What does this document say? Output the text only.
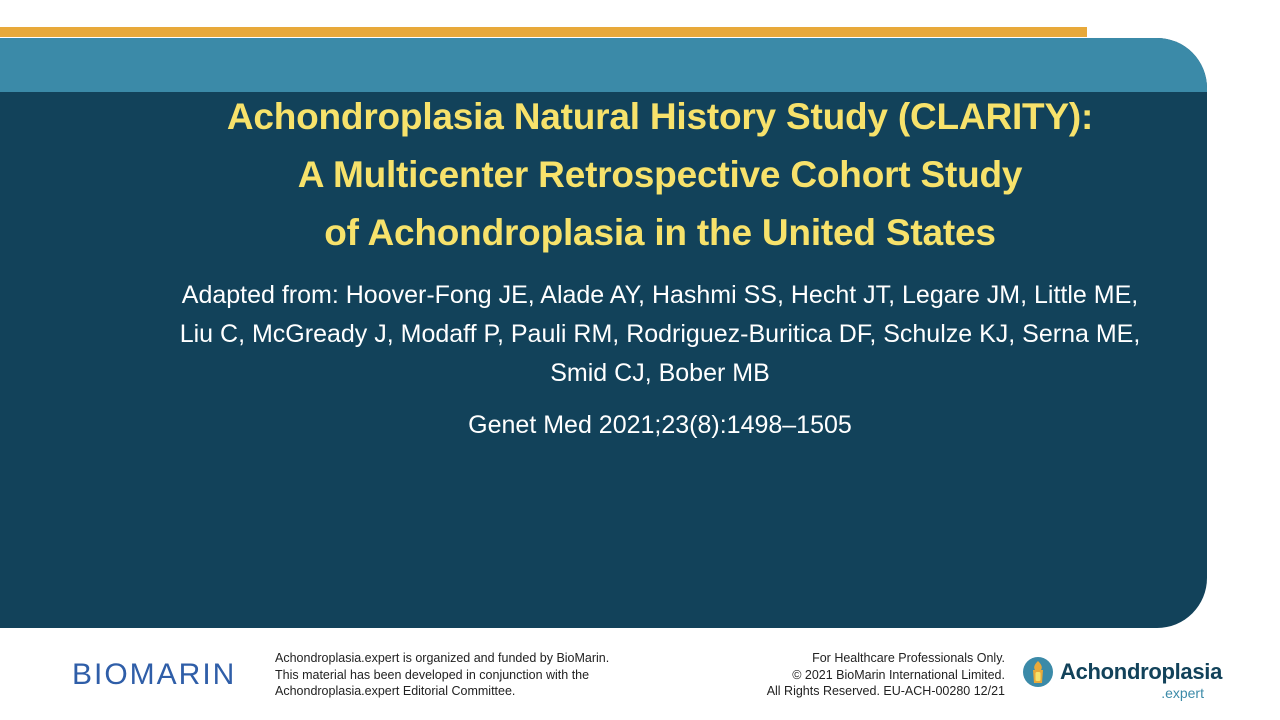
Achondroplasia Natural History Study (CLARITY):
A Multicenter Retrospective Cohort Study
of Achondroplasia in the United States
Adapted from: Hoover-Fong JE, Alade AY, Hashmi SS, Hecht JT, Legare JM, Little ME,
Liu C, McGready J, Modaff P, Pauli RM, Rodriguez-Buritica DF, Schulze KJ, Serna ME,
Smid CJ, Bober MB
Genet Med 2021;23(8):1498–1505
BIOMARIN	Achondroplasia.expert is organized and funded by BioMarin.
This material has been developed in conjunction with the
Achondroplasia.expert Editorial Committee.
For Healthcare Professionals Only.
© 2021 BioMarin International Limited.
All Rights Reserved. EU-ACH-00280 12/21
Achondroplasia
.expert
